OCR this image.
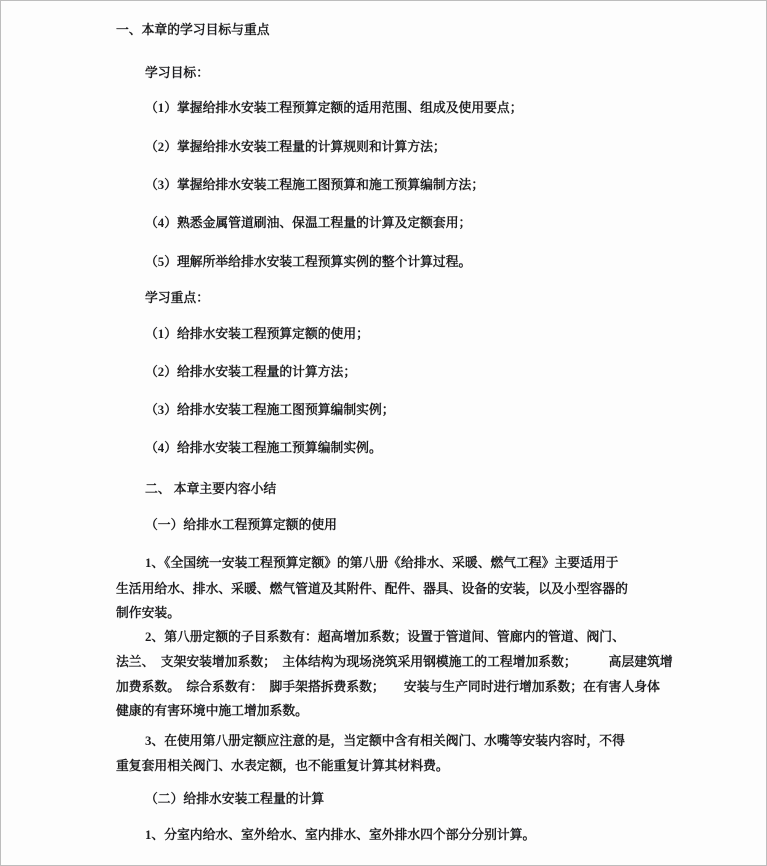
一、本章的学习目标与重点
学习目标：
（1）掌握给排水安装工程预算定额的适用范围、组成及使用要点；
（2）掌握给排水安装工程量的计算规则和计算方法；
（3）掌握给排水安装工程施工图预算和施工预算编制方法；
（4）熟悉金属管道刷油、保温工程量的计算及定额套用；
（5）理解所举给排水安装工程预算实例的整个计算过程。
学习重点：
（1）给排水安装工程预算定额的使用；
（2）给排水安装工程量的计算方法；
（3）给排水安装工程施工图预算编制实例；
（4）给排水安装工程施工预算编制实例。
二、 本章主要内容小结
（一）给排水工程预算定额的使用
1、《全国统一安装工程预算定额》的第八册《给排水、采暖、燃气工程》主要适用于
生活用给水、排水、采暖、燃气管道及其附件、配件、器具、设备的安装，以及小型容器的
制作安装。
2、第八册定额的子目系数有：超高增加系数；设置于管道间、管廊内的管道、阀门、
法兰、　支架安装增加系数；　主体结构为现场浇筑采用钢模施工的工程增加系数；　　　高层建筑增
加费系数。　综合系数有：　脚手架搭拆费系数；　　安装与生产同时进行增加系数；在有害人身体
健康的有害环境中施工增加系数。
3、在使用第八册定额应注意的是，当定额中含有相关阀门、水嘴等安装内容时，不得
重复套用相关阀门、水表定额，也不能重复计算其材料费。
（二）给排水安装工程量的计算
1、分室内给水、室外给水、室内排水、室外排水四个部分分别计算。
